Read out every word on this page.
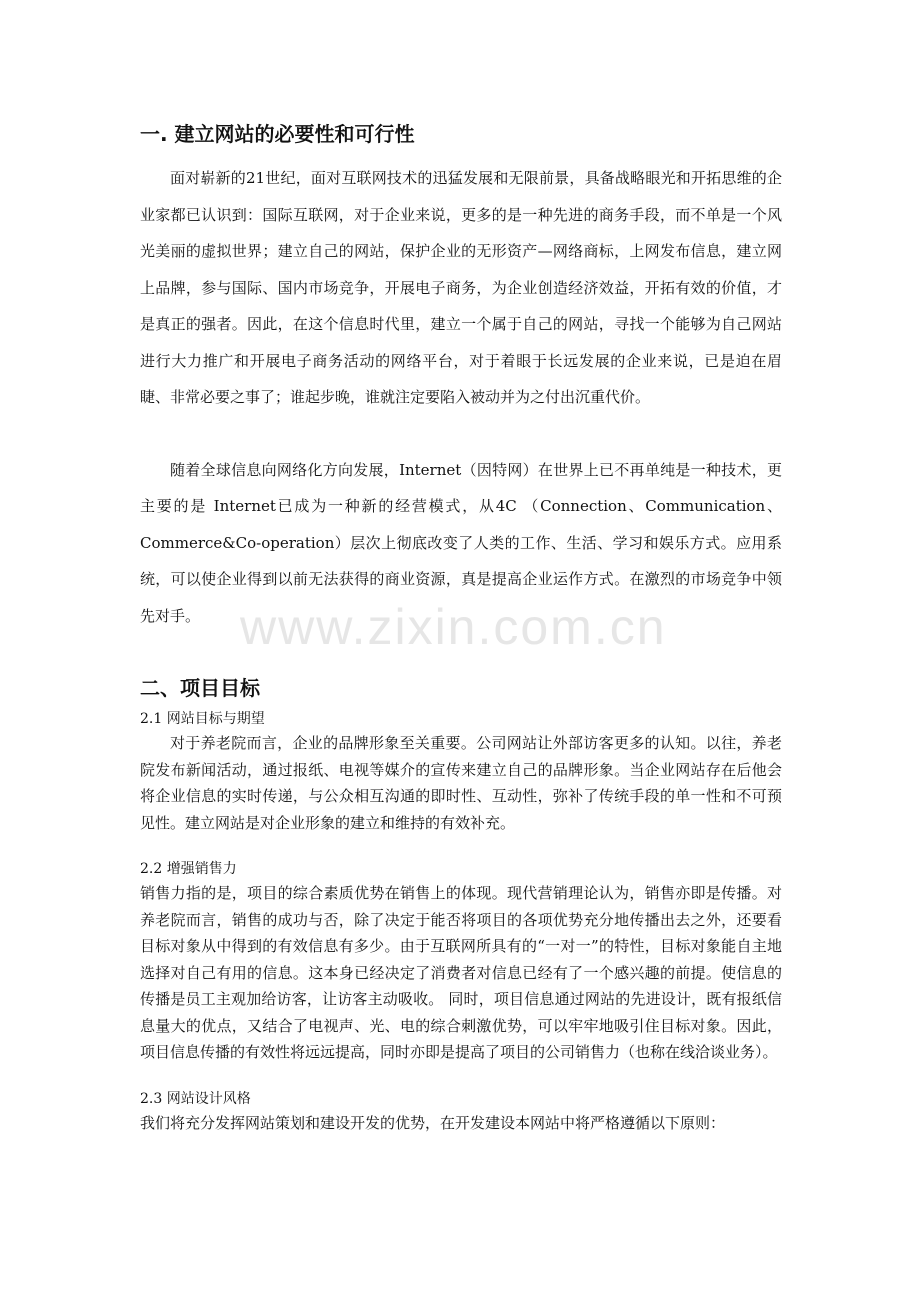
www.zixin.com.cn
一. 建立网站的必要性和可行性

面对崭新的21世纪，面对互联网技术的迅猛发展和无限前景，具备战略眼光和开拓思维的企业家都已认识到：国际互联网，对于企业来说，更多的是一种先进的商务手段，而不单是一个风光美丽的虚拟世界；建立自己的网站，保护企业的无形资产—网络商标，上网发布信息，建立网上品牌，参与国际、国内市场竞争，开展电子商务，为企业创造经济效益，开拓有效的价值，才是真正的强者。因此，在这个信息时代里，建立一个属于自己的网站，寻找一个能够为自己网站进行大力推广和开展电子商务活动的网络平台，对于着眼于长远发展的企业来说，已是迫在眉睫、非常必要之事了；谁起步晚，谁就注定要陷入被动并为之付出沉重代价。

随着全球信息向网络化方向发展，Internet（因特网）在世界上已不再单纯是一种技术，更主要的是 Internet已成为一种新的经营模式，从4C （Connection、Communication、Commerce&Co-operation）层次上彻底改变了人类的工作、生活、学习和娱乐方式。应用系统，可以使企业得到以前无法获得的商业资源，真是提高企业运作方式。在激烈的市场竞争中领先对手。

二、项目目标

2.1 网站目标与期望

对于养老院而言，企业的品牌形象至关重要。公司网站让外部访客更多的认知。以往，养老院发布新闻活动，通过报纸、电视等媒介的宣传来建立自己的品牌形象。当企业网站存在后他会将企业信息的实时传递，与公众相互沟通的即时性、互动性，弥补了传统手段的单一性和不可预见性。建立网站是对企业形象的建立和维持的有效补充。

2.2 增强销售力

销售力指的是，项目的综合素质优势在销售上的体现。现代营销理论认为，销售亦即是传播。对养老院而言，销售的成功与否，除了决定于能否将项目的各项优势充分地传播出去之外，还要看目标对象从中得到的有效信息有多少。由于互联网所具有的“一对一”的特性，目标对象能自主地选择对自己有用的信息。这本身已经决定了消费者对信息已经有了一个感兴趣的前提。使信息的传播是员工主观加给访客，让访客主动吸收。 同时，项目信息通过网站的先进设计，既有报纸信息量大的优点，又结合了电视声、光、电的综合刺激优势，可以牢牢地吸引住目标对象。因此，项目信息传播的有效性将远远提高，同时亦即是提高了项目的公司销售力（也称在线洽谈业务）。

2.3 网站设计风格

我们将充分发挥网站策划和建设开发的优势，在开发建设本网站中将严格遵循以下原则：
